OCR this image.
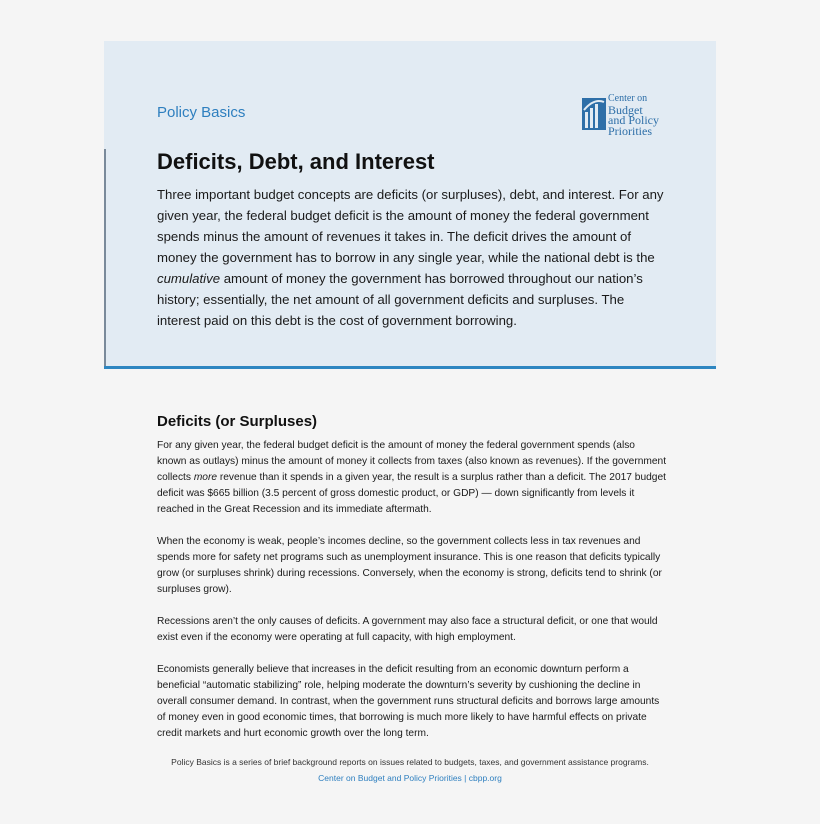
Policy Basics
Center on
Budget
and Policy
Priorities
Deficits, Debt, and Interest
Three important budget concepts are deficits (or surpluses), debt, and interest. For any given year, the federal budget deficit is the amount of money the federal government spends minus the amount of revenues it takes in. The deficit drives the amount of money the government has to borrow in any single year, while the national debt is the cumulative amount of money the government has borrowed throughout our nation’s history; essentially, the net amount of all government deficits and surpluses. The interest paid on this debt is the cost of government borrowing.
Deficits (or Surpluses)

For any given year, the federal budget deficit is the amount of money the federal government spends (also known as outlays) minus the amount of money it collects from taxes (also known as revenues). If the government collects more revenue than it spends in a given year, the result is a surplus rather than a deficit. The 2017 budget deficit was $665 billion (3.5 percent of gross domestic product, or GDP) — down significantly from levels it reached in the Great Recession and its immediate aftermath.

When the economy is weak, people’s incomes decline, so the government collects less in tax revenues and spends more for safety net programs such as unemployment insurance. This is one reason that deficits typically grow (or surpluses shrink) during recessions. Conversely, when the economy is strong, deficits tend to shrink (or surpluses grow).

Recessions aren’t the only causes of deficits. A government may also face a structural deficit, or one that would exist even if the economy were operating at full capacity, with high employment.

Economists generally believe that increases in the deficit resulting from an economic downturn perform a beneficial “automatic stabilizing” role, helping moderate the downturn’s severity by cushioning the decline in overall consumer demand. In contrast, when the government runs structural deficits and borrows large amounts of money even in good economic times, that borrowing is much more likely to have harmful effects on private credit markets and hurt economic growth over the long term.

Policy Basics is a series of brief background reports on issues related to budgets, taxes, and government assistance programs.
Center on Budget and Policy Priorities | cbpp.org
